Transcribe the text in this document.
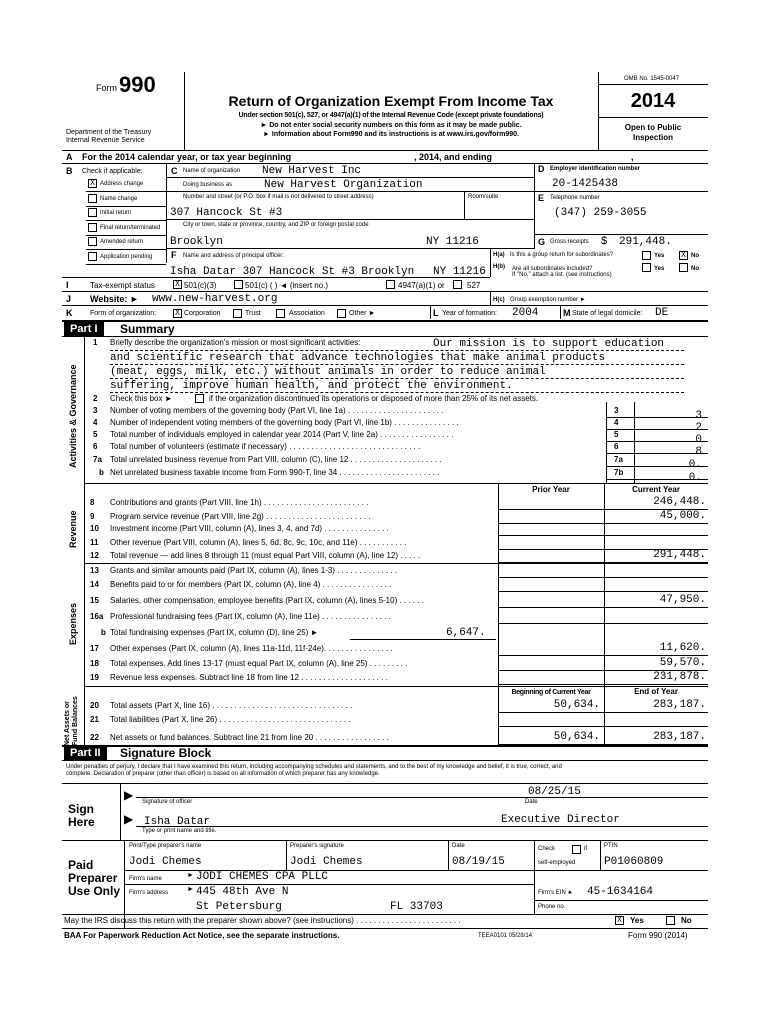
Form 990
Department of the Treasury
Internal Revenue Service
Return of Organization Exempt From Income Tax
Under section 501(c), 527, or 4947(a)(1) of the Internal Revenue Code (except private foundations)
► Do not enter social security numbers on this form as it may be made public.
► Information about Form990 and its instructions is at www.irs.gov/form990.
OMB No. 1545-0047
2014
Open to Public
Inspection
A For the 2014 calendar year, or tax year beginning	, 2014, and ending	,
B Check if applicable:
X Address change
Name change
Initial return
Final return/terminated
Amended return
Application pending
C Name of organization New Harvest Inc
Doing business as	New Harvest Organization
Number and street (or P.O. box if mail is not delivered to street address)	Room/suite
307 Hancock St #3
City or town, state or province, country, and ZIP or foreign postal code
Brooklyn	NY 11216
D Employer identification number
20-1425438
E Telephone number
(347) 259-3055
G Gross receipts $ 291,448.
F Name and address of principal officer:
Isha Datar 307 Hancock St #3 Brooklyn NY 11216
H(a) Is this a group return for subordinates?	Yes X No
H(b) Are all subordinates included?
If "No," attach a list. (see instructions)
Yes	No
I	Tax-exempt status	X 501(c)(3)	501(c) ( ) ◄ (insert no.)	4947(a)(1) or	527
J Website: ► www.new-harvest.org	H(c) Group exemption number ►
K	Form of organization: X Corporation	Trust	Association	Other ►	L Year of formation: 2004	M State of legal domicile: DE
Part I	Summary
Activities & Governance
Revenue
Expenses
Net Assets or Fund Balances
1 Briefly describe the organization's mission or most significant activities:	Our mission is to support education
and scientific research that advance technologies that make animal products
(meat, eggs, milk, etc.) without animals in order to reduce animal
suffering, improve human health, and protect the environment.
2 Check this box ►	if the organization discontinued its operations or disposed of more than 25% of its net assets.
3 Number of voting members of the governing body (Part VI, line 1a) . . . . . . . . . . . . . . . . . . . . . .	3	3
4 Number of independent voting members of the governing body (Part VI, line 1b) . . . . . . . . . . . . . . .	4	2
5 Total number of individuals employed in calendar year 2014 (Part V, line 2a) . . . . . . . . . . . . . . . . .	5	0
6 Total number of volunteers (estimate if necessary) . . . . . . . . . . . . . . . . . . . . . . . . . . . . . .	6	8
7a Total unrelated business revenue from Part VIII, column (C), line 12 . . . . . . . . . . . . . . . . . . . . .	7a	0.
b Net unrelated business taxable income from Form 990-T, line 34 . . . . . . . . . . . . . . . . . . . . . . .	7b	0.
Prior Year	Current Year
8 Contributions and grants (Part VIII, line 1h) . . . . . . . . . . . . . . . . . . . . . . . .	246,448.
9 Program service revenue (Part VIII, line 2g) . . . . . . . . . . . . . . . . . . . . . . . .	45,000.
10 Investment income (Part VIII, column (A), lines 3, 4, and 7d) . . . . . . . . . . . . . . .
11 Other revenue (Part VIII, column (A), lines 5, 6d, 8c, 9c, 10c, and 11e) . . . . . . . . . . .
12 Total revenue — add lines 8 through 11 (must equal Part VIII, column (A), line 12) . . . . .	291,448.
13 Grants and similar amounts paid (Part IX, column (A), lines 1-3) . . . . . . . . . . . . . .
14 Benefits paid to or for members (Part IX, column (A), line 4) . . . . . . . . . . . . . . . .
15 Salaries, other compensation, employee benefits (Part IX, column (A), lines 5-10) . . . . . .	47,950.
16a Professional fundraising fees (Part IX, column (A), line 11e) . . . . . . . . . . . . . . . .
b Total fundraising expenses (Part IX, column (D), line 25) ►	6,647.
17 Other expenses (Part IX, column (A), lines 11a-11d, 11f-24e). . . . . . . . . . . . . . . .	11,620.
18 Total expenses. Add lines 13-17 (must equal Part IX, column (A), line 25) . . . . . . . . .	59,570.
19 Revenue less expenses. Subtract line 18 from line 12 . . . . . . . . . . . . . . . . . . . .	231,878.
Beginning of Current Year	End of Year
20 Total assets (Part X, line 16) . . . . . . . . . . . . . . . . . . . . . . . . . . . . . . . .	50,634.	283,187.
21 Total liabilities (Part X, line 26) . . . . . . . . . . . . . . . . . . . . . . . . . . . . . .
22 Net assets or fund balances. Subtract line 21 from line 20 . . . . . . . . . . . . . . . . .	50,634.	283,187.
Part II	Signature Block
Under penalties of perjury, I declare that I have examined this return, including accompanying schedules and statements, and to the best of my knowledge and belief, it is true, correct, and
complete. Declaration of preparer (other than officer) is based on all information of which preparer has any knowledge.
Sign
Here
▶
▶
08/25/15
Signature of officer	Date
Isha Datar	Executive Director
Type or print name and title.
Paid
Preparer
Use Only
Print/Type preparer's name	Preparer's signature	Date	Check	if
self-employed
PTIN
Jodi Chemes	Jodi Chemes	08/19/15	P01060809
Firm's name	► JODI CHEMES CPA PLLC
Firm's address	► 445 48th Ave N	Firm's EIN ► 45-1634164
St Petersburg	FL 33703	Phone no.
May the IRS discuss this return with the preparer shown above? (see instructions) . . . . . . . . . . . . . . . . . . . . . . . .	X Yes	No
BAA For Paperwork Reduction Act Notice, see the separate instructions.	TEEA0101 05/28/14	Form 990 (2014)
